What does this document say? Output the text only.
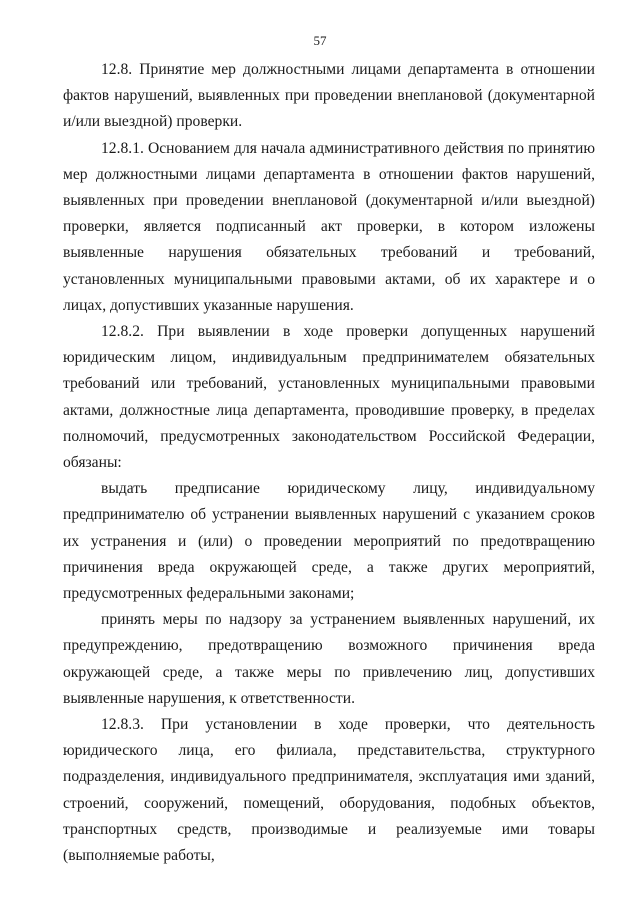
57

12.8. Принятие мер должностными лицами департамента в отношении фактов нарушений, выявленных при проведении внеплановой (документарной и/или выездной) проверки.

12.8.1. Основанием для начала административного действия по принятию мер должностными лицами департамента в отношении фактов нарушений, выявленных при проведении внеплановой (документарной и/или выездной) проверки, является подписанный акт проверки, в котором изложены выявленные нарушения обязательных требований и требований, установленных муниципальными правовыми актами, об их характере и о лицах, допустивших указанные нарушения.

12.8.2. При выявлении в ходе проверки допущенных нарушений юридическим лицом, индивидуальным предпринимателем обязательных требований или требований, установленных муниципальными правовыми актами, должностные лица департамента, проводившие проверку, в пределах полномочий, предусмотренных законодательством Российской Федерации, обязаны:

выдать предписание юридическому лицу, индивидуальному предпринимателю об устранении выявленных нарушений с указанием сроков их устранения и (или) о проведении мероприятий по предотвращению причинения вреда окружающей среде, а также других мероприятий, предусмотренных федеральными законами;

принять меры по надзору за устранением выявленных нарушений, их предупреждению, предотвращению возможного причинения вреда окружающей среде, а также меры по привлечению лиц, допустивших выявленные нарушения, к ответственности.

12.8.3. При установлении в ходе проверки, что деятельность юридического лица, его филиала, представительства, структурного подразделения, индивидуального предпринимателя, эксплуатация ими зданий, строений, сооружений, помещений, оборудования, подобных объектов, транспортных средств, производимые и реализуемые ими товары (выполняемые работы,
